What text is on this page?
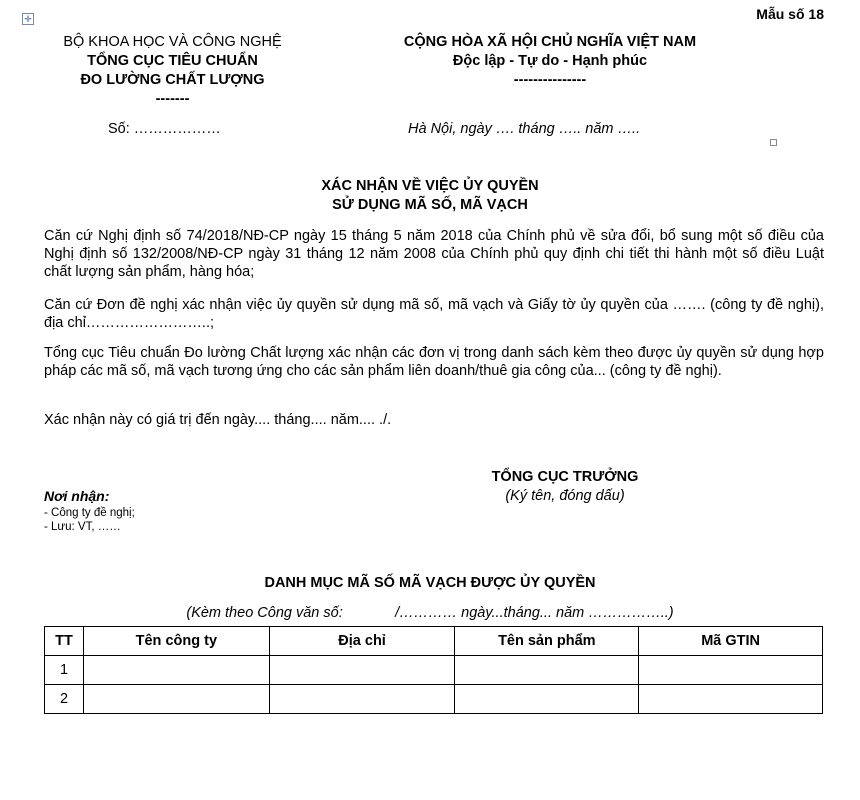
✛	Mẫu số 18
BỘ KHOA HỌC VÀ CÔNG NGHỆ
TỔNG CỤC TIÊU CHUẨN
ĐO LƯỜNG CHẤT LƯỢNG
-------
CỘNG HÒA XÃ HỘI CHỦ NGHĨA VIỆT NAM
Độc lập - Tự do - Hạnh phúc
---------------
Số: ………………	Hà Nội, ngày …. tháng ….. năm …..
XÁC NHẬN VỀ VIỆC ỦY QUYỀN
SỬ DỤNG MÃ SỐ, MÃ VẠCH

Căn cứ Nghị định số 74/2018/NĐ-CP ngày 15 tháng 5 năm 2018 của Chính phủ về sửa đổi, bổ sung một số điều của Nghị định số 132/2008/NĐ-CP ngày 31 tháng 12 năm 2008 của Chính phủ quy định chi tiết thi hành một số điều Luật chất lượng sản phẩm, hàng hóa;

Căn cứ Đơn đề nghị xác nhận việc ủy quyền sử dụng mã số, mã vạch và Giấy tờ ủy quyền của ……. (công ty đề nghị), địa chỉ……………………..;

Tổng cục Tiêu chuẩn Đo lường Chất lượng xác nhận các đơn vị trong danh sách kèm theo được ủy quyền sử dụng hợp pháp các mã số, mã vạch tương ứng cho các sản phẩm liên doanh/thuê gia công của... (công ty đề nghị).

Xác nhận này có giá trị đến ngày.... tháng.... năm.... ./.

TỔNG CỤC TRƯỞNG
(Ký tên, đóng dấu)
Nơi nhận:
- Công ty đề nghị;
- Lưu: VT, ……
DANH MỤC MÃ SỐ MÃ VẠCH ĐƯỢC ỦY QUYỀN
(Kèm theo Công văn số:             /………… ngày...tháng... năm ……………..)
TT	Tên công ty	Địa chỉ	Tên sản phẩm	Mã GTIN
1				
2				
